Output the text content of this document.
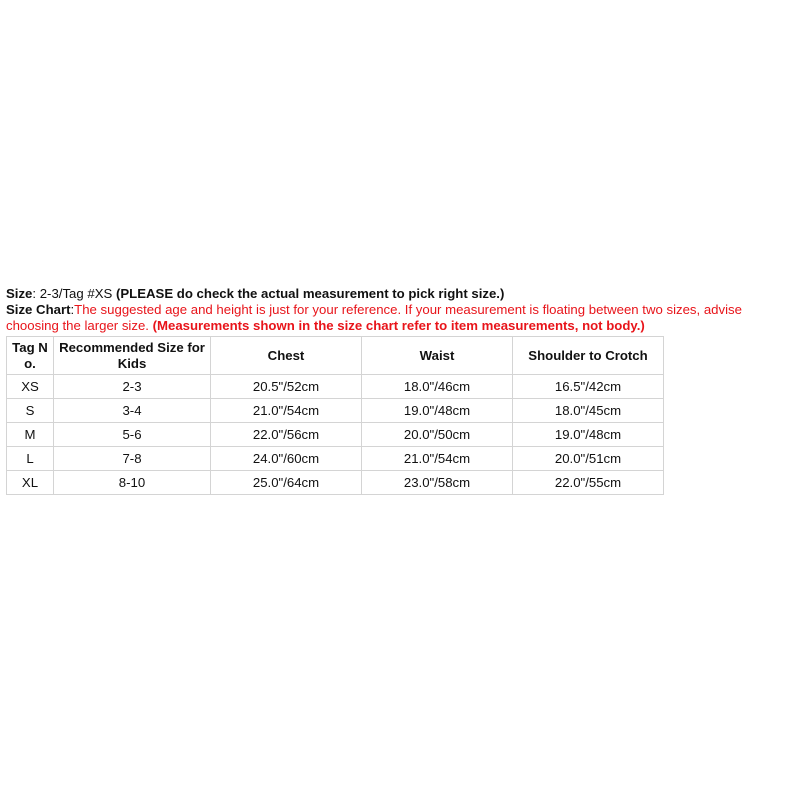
Size: 2-3/Tag #XS (PLEASE do check the actual measurement to pick right size.)
Size Chart:The suggested age and height is just for your reference. If your measurement is floating between two sizes, advise
choosing the larger size. (Measurements shown in the size chart refer to item measurements, not body.)
Tag No.	Recommended Size for Kids	Chest	Waist	Shoulder to Crotch
XS	2-3	20.5"/52cm	18.0"/46cm	16.5"/42cm
S	3-4	21.0"/54cm	19.0"/48cm	18.0"/45cm
M	5-6	22.0"/56cm	20.0"/50cm	19.0"/48cm
L	7-8	24.0"/60cm	21.0"/54cm	20.0"/51cm
XL	8-10	25.0"/64cm	23.0"/58cm	22.0"/55cm
